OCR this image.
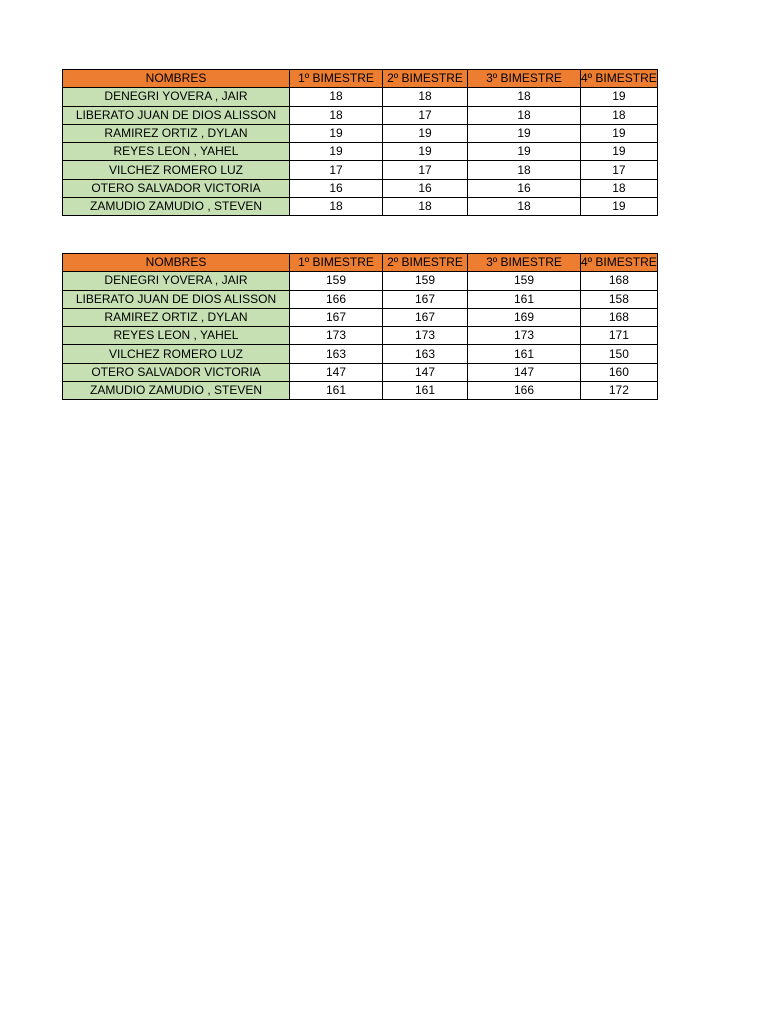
NOMBRES	1º BIMESTRE	2º BIMESTRE	3º BIMESTRE	4º BIMESTRE
DENEGRI YOVERA , JAIR	18	18	18	19
LIBERATO JUAN DE DIOS ALISSON	18	17	18	18
RAMIREZ ORTIZ , DYLAN	19	19	19	19
REYES LEON , YAHEL	19	19	19	19
VILCHEZ ROMERO LUZ	17	17	18	17
OTERO SALVADOR VICTORIA	16	16	16	18
ZAMUDIO ZAMUDIO , STEVEN	18	18	18	19
NOMBRES	1º BIMESTRE	2º BIMESTRE	3º BIMESTRE	4º BIMESTRE
DENEGRI YOVERA , JAIR	159	159	159	168
LIBERATO JUAN DE DIOS ALISSON	166	167	161	158
RAMIREZ ORTIZ , DYLAN	167	167	169	168
REYES LEON , YAHEL	173	173	173	171
VILCHEZ ROMERO LUZ	163	163	161	150
OTERO SALVADOR VICTORIA	147	147	147	160
ZAMUDIO ZAMUDIO , STEVEN	161	161	166	172
